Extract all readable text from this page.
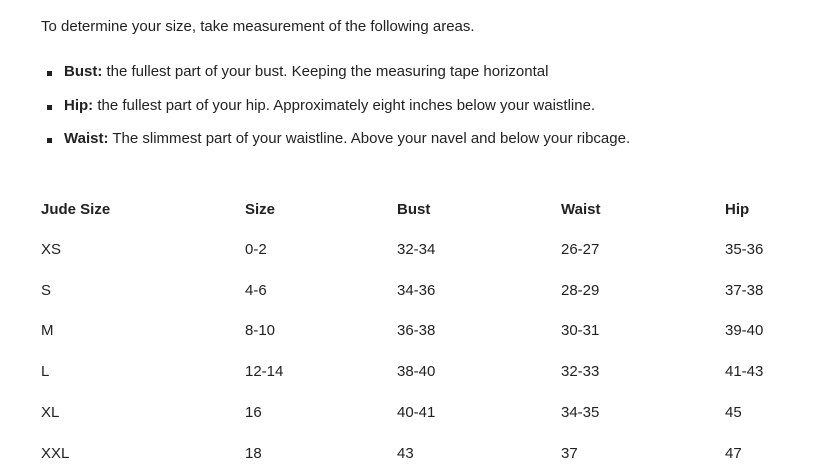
To determine your size, take measurement of the following areas.

Bust: the fullest part of your bust. Keeping the measuring tape horizontal
Hip: the fullest part of your hip. Approximately eight inches below your waistline.
Waist: The slimmest part of your waistline. Above your navel and below your ribcage.
Jude Size	Size	Bust	Waist	Hip
XS	0-2	32-34	26-27	35-36
S	4-6	34-36	28-29	37-38
M	8-10	36-38	30-31	39-40
L	12-14	38-40	32-33	41-43
XL	16	40-41	34-35	45
XXL	18	43	37	47
